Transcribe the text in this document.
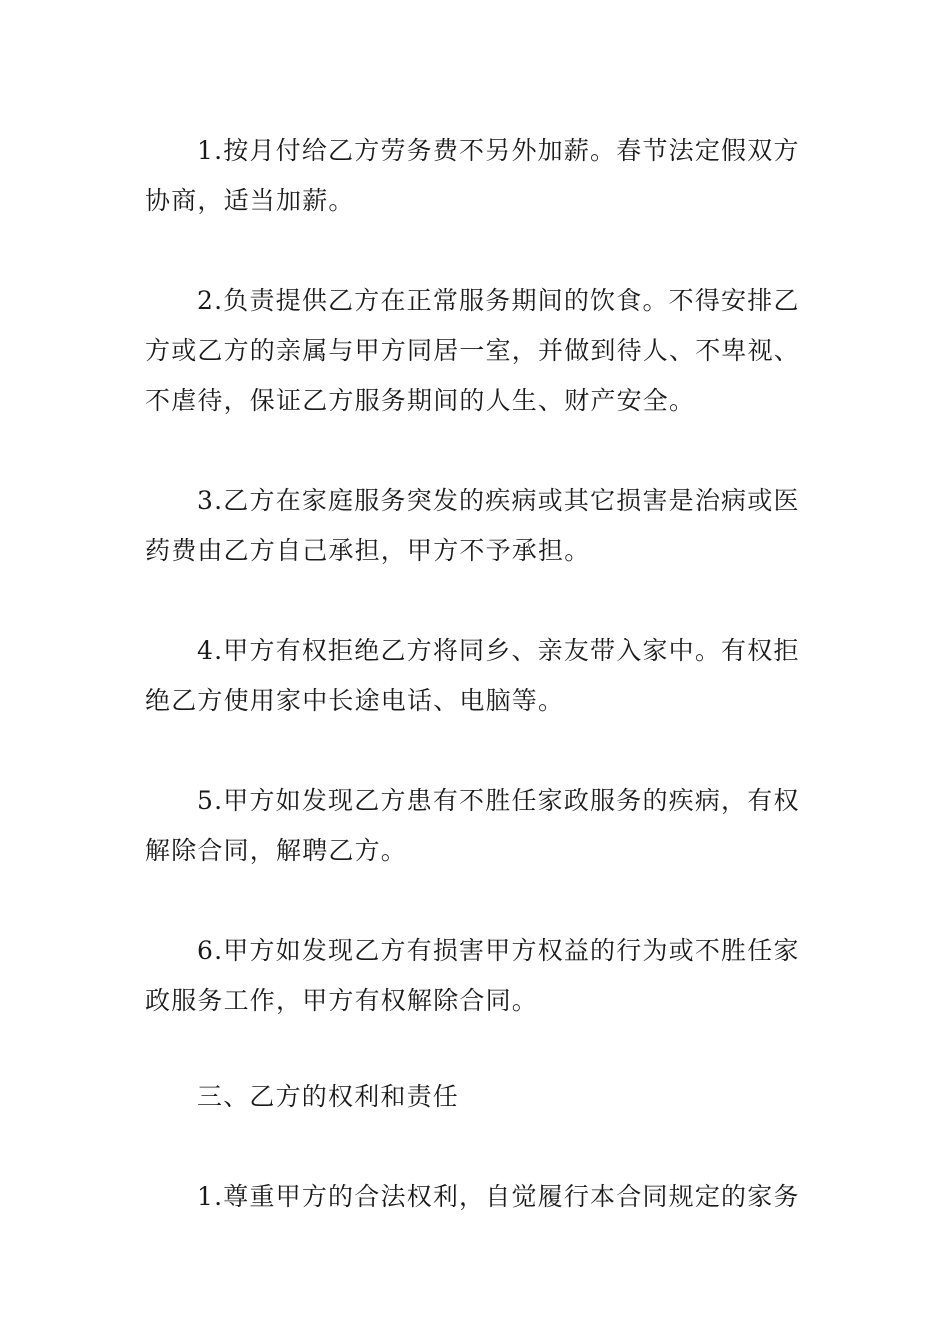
1.按月付给乙方劳务费不另外加薪。春节法定假双方协商，适当加薪。

2.负责提供乙方在正常服务期间的饮食。不得安排乙方或乙方的亲属与甲方同居一室，并做到待人、不卑视、不虐待，保证乙方服务期间的人生、财产安全。

3.乙方在家庭服务突发的疾病或其它损害是治病或医药费由乙方自己承担，甲方不予承担。

4.甲方有权拒绝乙方将同乡、亲友带入家中。有权拒绝乙方使用家中长途电话、电脑等。

5.甲方如发现乙方患有不胜任家政服务的疾病，有权解除合同，解聘乙方。

6.甲方如发现乙方有损害甲方权益的行为或不胜任家政服务工作，甲方有权解除合同。

三、乙方的权利和责任

1.尊重甲方的合法权利，自觉履行本合同规定的家务
